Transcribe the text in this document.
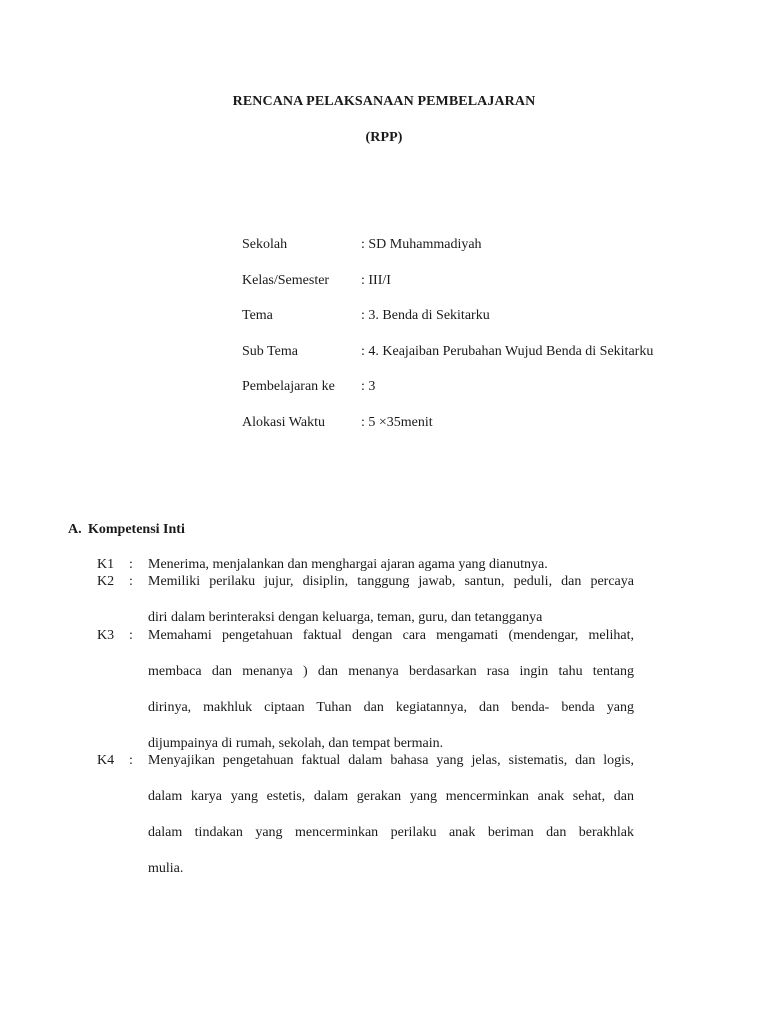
RENCANA PELAKSANAAN PEMBELAJARAN
(RPP)
Sekolah	: SD Muhammadiyah
Kelas/Semester : III/I
Tema	: 3. Benda di Sekitarku
Sub Tema	: 4. Keajaiban Perubahan Wujud Benda di Sekitarku
Pembelajaran ke : 3
Alokasi Waktu	: 5 ×35menit
A. Kompetensi Inti
K1 : Menerima, menjalankan dan menghargai ajaran agama yang dianutnya.
K2 : Memiliki perilaku jujur, disiplin, tanggung jawab, santun, peduli, dan percaya
diri dalam berinteraksi dengan keluarga, teman, guru, dan tetangganya
K3 : Memahami pengetahuan faktual dengan cara mengamati (mendengar, melihat,
membaca dan menanya ) dan menanya berdasarkan rasa ingin tahu tentang
dirinya, makhluk ciptaan Tuhan dan kegiatannya, dan benda- benda yang
dijumpainya di rumah, sekolah, dan tempat bermain.
K4 : Menyajikan pengetahuan faktual dalam bahasa yang jelas, sistematis, dan logis,
dalam karya yang estetis, dalam gerakan yang mencerminkan anak sehat, dan
dalam tindakan yang mencerminkan perilaku anak beriman dan berakhlak
mulia.
